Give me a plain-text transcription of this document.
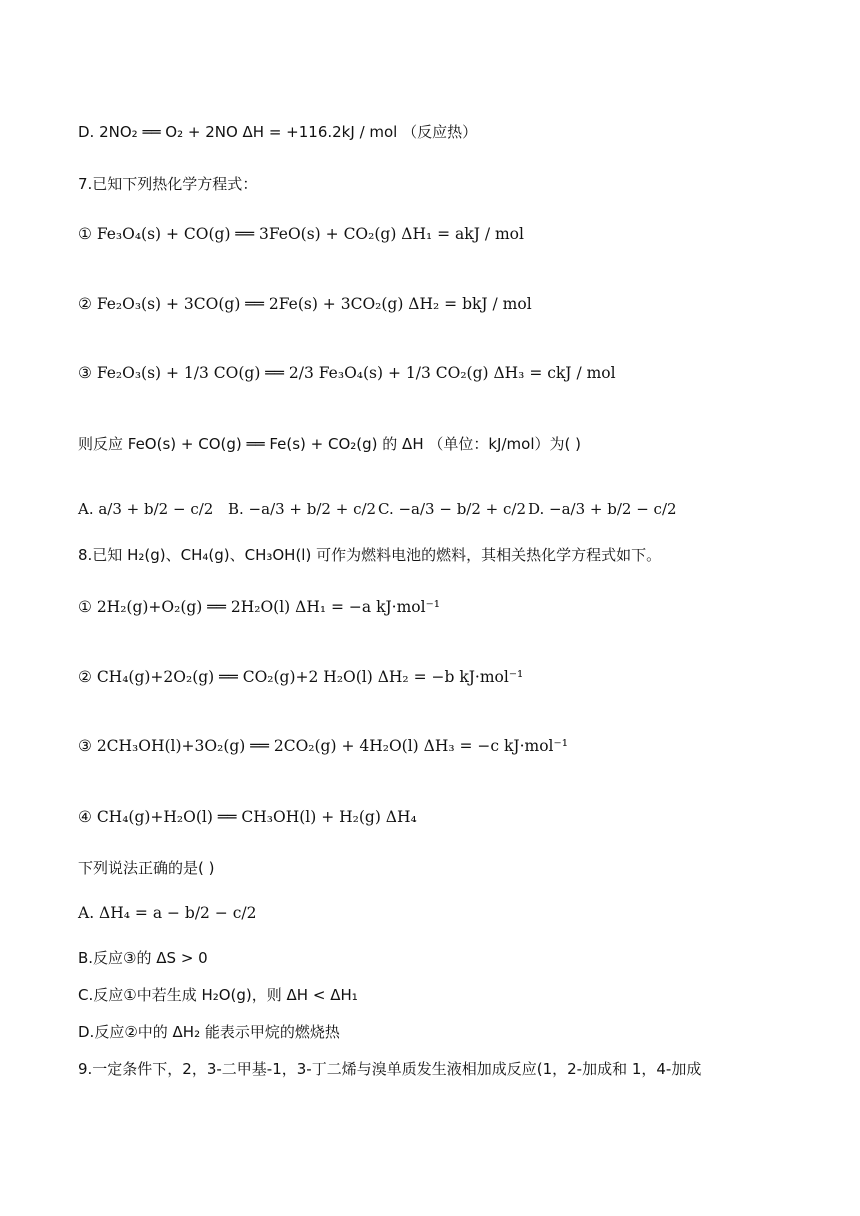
D. 2NO₂ ══ O₂ + 2NO ΔH = +116.2kJ / mol （反应热）
7.已知下列热化学方程式：
① Fe₃O₄(s) + CO(g) ══ 3FeO(s) + CO₂(g) ΔH₁ = akJ / mol
② Fe₂O₃(s) + 3CO(g) ══ 2Fe(s) + 3CO₂(g) ΔH₂ = bkJ / mol
③ Fe₂O₃(s) + 1/3 CO(g) ══ 2/3 Fe₃O₄(s) + 1/3 CO₂(g) ΔH₃ = ckJ / mol
则反应 FeO(s) + CO(g) ══ Fe(s) + CO₂(g) 的 ΔH （单位：kJ/mol）为( )
8.已知 H₂(g)、CH₄(g)、CH₃OH(l) 可作为燃料电池的燃料，其相关热化学方程式如下。
① 2H₂(g)+O₂(g) ══ 2H₂O(l) ΔH₁ = −a kJ·mol⁻¹
② CH₄(g)+2O₂(g) ══ CO₂(g)+2 H₂O(l) ΔH₂ = −b kJ·mol⁻¹
③ 2CH₃OH(l)+3O₂(g) ══ 2CO₂(g) + 4H₂O(l) ΔH₃ = −c kJ·mol⁻¹
④ CH₄(g)+H₂O(l) ══ CH₃OH(l) + H₂(g) ΔH₄
下列说法正确的是( )
A. ΔH₄ = a − b/2 − c/2
B.反应③的 ΔS > 0
C.反应①中若生成 H₂O(g)，则 ΔH < ΔH₁
D.反应②中的 ΔH₂ 能表示甲烷的燃烧热
9.一定条件下，2，3-二甲基-1，3-丁二烯与溴单质发生液相加成反应(1，2-加成和 1，4-加成
A. a/3 + b/2 − c/2 B. −a/3 + b/2 + c/2 C. −a/3 − b/2 + c/2 D. −a/3 + b/2 − c/2
